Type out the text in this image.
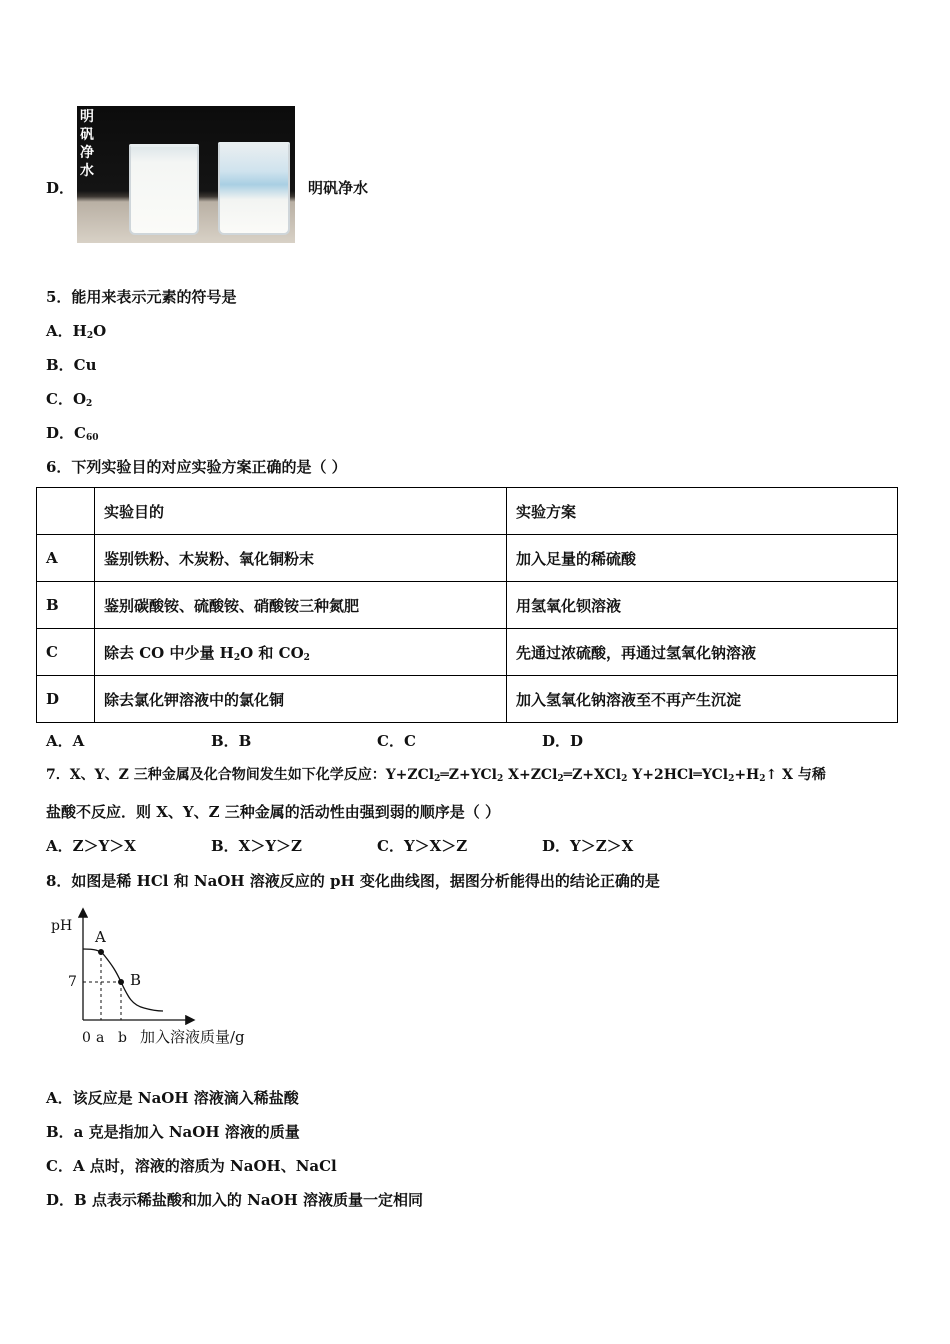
D．
明矾净水
明矾净水
5．能用来表示元素的符号是
A．$H_2O$
B．Cu
C．$O_2$
D．$C_{60}$
6．下列实验目的对应实验方案正确的是（ ）
	实验目的	实验方案
A	鉴别铁粉、木炭粉、氧化铜粉末	加入足量的稀硫酸
B	鉴别碳酸铵、硫酸铵、硝酸铵三种氮肥	用氢氧化钡溶液
C	除去 CO 中少量 $H_2O$ 和 $CO_2$	先通过浓硫酸，再通过氢氧化钠溶液
D	除去氯化钾溶液中的氯化铜	加入氢氧化钠溶液至不再产生沉淀
A．A	B．B	C．C	D．D
7．X、Y、Z 三种金属及化合物间发生如下化学反应：Y+ZCl$_2$═Z+YCl$_2$ X+ZCl$_2$═Z+XCl$_2$ $Y+2HCl═YCl_2+H_2↑$ X 与稀
盐酸不反应．则 X、Y、Z 三种金属的活动性由强到弱的顺序是（ ）
A．Z＞Y＞X	B．X＞Y＞Z	C．Y＞X＞Z	D．Y＞Z＞X
8．如图是稀 HCl 和 NaOH 溶液反应的 pH 变化曲线图，据图分析能得出的结论正确的是
pH
7
A
B
0 a b 加入溶液质量/g
A．该反应是 NaOH 溶液滴入稀盐酸
B．a 克是指加入 NaOH 溶液的质量
C．A 点时，溶液的溶质为 NaOH、NaCl
D．B 点表示稀盐酸和加入的 NaOH 溶液质量一定相同
